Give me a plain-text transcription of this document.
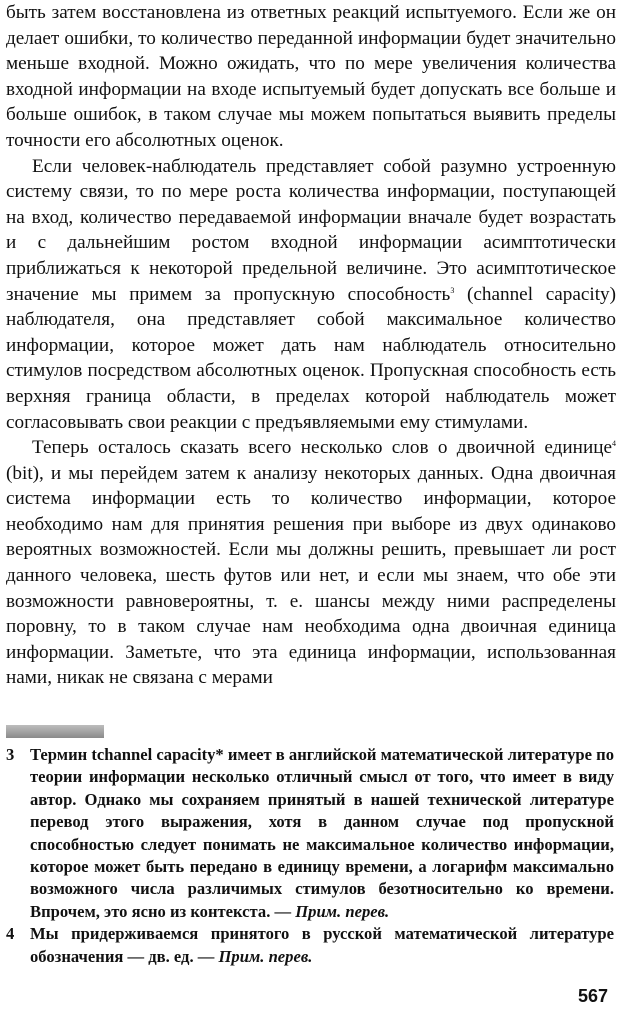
быть затем восстановлена из ответных реакций испытуемого. Если же он делает ошибки, то количество переданной информации будет значительно меньше входной. Можно ожидать, что по мере увеличения количества входной информации на входе испытуемый будет допускать все больше и больше ошибок, в таком случае мы можем попытаться выявить пределы точности его абсолютных оценок.

Если человек-наблюдатель представляет собой разумно устроенную систему связи, то по мере роста количества информации, поступающей на вход, количество передаваемой информации вначале будет возрастать и с дальнейшим ростом входной информации асимптотически приближаться к некоторой предельной величине. Это асимптотическое значение мы примем за пропускную способность$^3$ (channel capacity) наблюдателя, она представляет собой максимальное количество информации, которое может дать нам наблюдатель относительно стимулов посредством абсолютных оценок. Пропускная способность есть верхняя граница области, в пределах которой наблюдатель может согласовывать свои реакции с предъявляемыми ему стимулами.

Теперь осталось сказать всего несколько слов о двоичной единице$^4$ (bit), и мы перейдем затем к анализу некоторых данных. Одна двоичная система информации есть то количество информации, которое необходимо нам для принятия решения при выборе из двух одинаково вероятных возможностей. Если мы должны решить, превышает ли рост данного человека, шесть футов или нет, и если мы знаем, что обе эти возможности равновероятны, т. е. шансы между ними распределены поровну, то в таком случае нам необходима одна двоичная единица информации. Заметьте, что эта единица информации, использованная нами, никак не связана с мерами

3 Термин tchannel capacity* имеет в английской математической литературе по теории информации несколько отличный смысл от того, что имеет в виду автор. Однако мы сохраняем принятый в нашей технической литературе перевод этого выражения, хотя в данном случае под пропускной способностью следует понимать не максимальное количество информации, которое может быть передано в единицу времени, а логарифм максимально возможного числа различимых стимулов безотносительно ко времени. Впрочем, это ясно из контекста. — Прим. перев.

4 Мы придерживаемся принятого в русской математической литературе обозначения — дв. ед. — Прим. перев.

567
